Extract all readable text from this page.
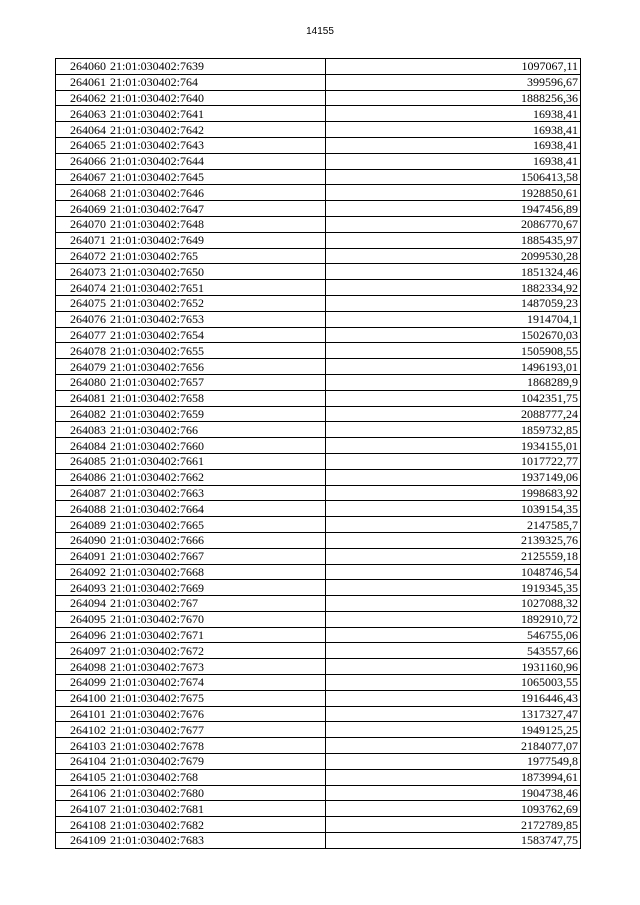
14155
264060	21:01:030402:7639	1097067,11
264061	21:01:030402:764	399596,67
264062	21:01:030402:7640	1888256,36
264063	21:01:030402:7641	16938,41
264064	21:01:030402:7642	16938,41
264065	21:01:030402:7643	16938,41
264066	21:01:030402:7644	16938,41
264067	21:01:030402:7645	1506413,58
264068	21:01:030402:7646	1928850,61
264069	21:01:030402:7647	1947456,89
264070	21:01:030402:7648	2086770,67
264071	21:01:030402:7649	1885435,97
264072	21:01:030402:765	2099530,28
264073	21:01:030402:7650	1851324,46
264074	21:01:030402:7651	1882334,92
264075	21:01:030402:7652	1487059,23
264076	21:01:030402:7653	1914704,1
264077	21:01:030402:7654	1502670,03
264078	21:01:030402:7655	1505908,55
264079	21:01:030402:7656	1496193,01
264080	21:01:030402:7657	1868289,9
264081	21:01:030402:7658	1042351,75
264082	21:01:030402:7659	2088777,24
264083	21:01:030402:766	1859732,85
264084	21:01:030402:7660	1934155,01
264085	21:01:030402:7661	1017722,77
264086	21:01:030402:7662	1937149,06
264087	21:01:030402:7663	1998683,92
264088	21:01:030402:7664	1039154,35
264089	21:01:030402:7665	2147585,7
264090	21:01:030402:7666	2139325,76
264091	21:01:030402:7667	2125559,18
264092	21:01:030402:7668	1048746,54
264093	21:01:030402:7669	1919345,35
264094	21:01:030402:767	1027088,32
264095	21:01:030402:7670	1892910,72
264096	21:01:030402:7671	546755,06
264097	21:01:030402:7672	543557,66
264098	21:01:030402:7673	1931160,96
264099	21:01:030402:7674	1065003,55
264100	21:01:030402:7675	1916446,43
264101	21:01:030402:7676	1317327,47
264102	21:01:030402:7677	1949125,25
264103	21:01:030402:7678	2184077,07
264104	21:01:030402:7679	1977549,8
264105	21:01:030402:768	1873994,61
264106	21:01:030402:7680	1904738,46
264107	21:01:030402:7681	1093762,69
264108	21:01:030402:7682	2172789,85
264109	21:01:030402:7683	1583747,75
